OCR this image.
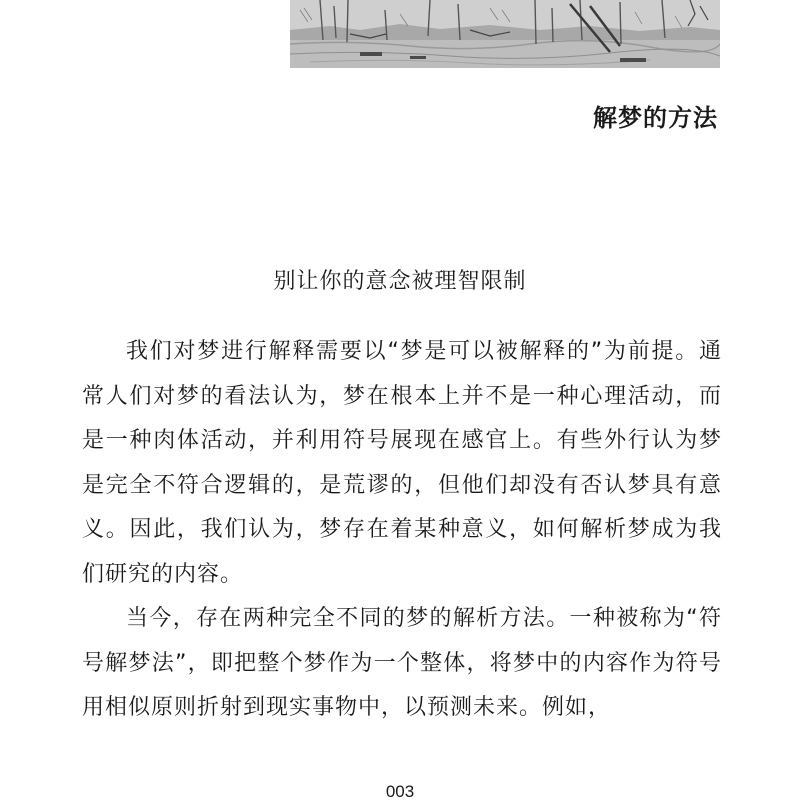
解梦的方法
别让你的意念被理智限制

我们对梦进行解释需要以“梦是可以被解释的”为前提。通常人们对梦的看法认为，梦在根本上并不是一种心理活动，而是一种肉体活动，并利用符号展现在感官上。有些外行认为梦是完全不符合逻辑的，是荒谬的，但他们却没有否认梦具有意义。因此，我们认为，梦存在着某种意义，如何解析梦成为我们研究的内容。

当今，存在两种完全不同的梦的解析方法。一种被称为“符号解梦法”，即把整个梦作为一个整体，将梦中的内容作为符号用相似原则折射到现实事物中，以预测未来。例如，

003
